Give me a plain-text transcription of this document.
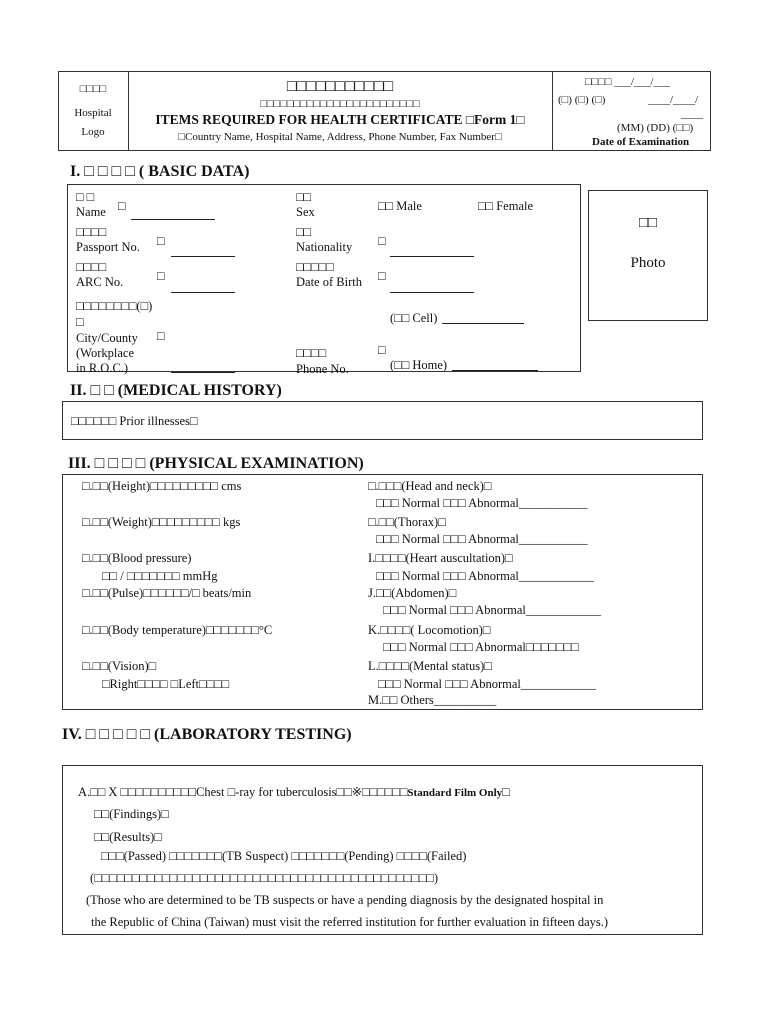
□□□□
Hospital
Logo
□□□□□□□□□□□
□□□□□□□□□□□□□□□□□□□□□□□□
ITEMS REQUIRED FOR HEALTH CERTIFICATE □Form 1□
□Country Name, Hospital Name, Address, Phone Number, Fax Number□
□□□□ ___/___/___
(□) (□) (□)	____/____/
____
(MM) (DD) (□□)
Date of Examination
I. □ □ □ □ ( BASIC DATA)
□ □
Name □
□□
Sex	□□ Male	□□ Female
□□□□
Passport No. □
□□
Nationality □
□□□□
ARC No.	□
□□□□□
Date of Birth □
□□□□□□□□(□)
□
City/County □
(Workplace
in R.O.C.)
(□□ Cell)
□□□□
Phone No.
□
(□□ Home)
□□
Photo
II. □ □ (MEDICAL HISTORY)
□□□□□□ Prior illnesses□
III. □ □ □ □ (PHYSICAL EXAMINATION)
□.□□(Height)□□□□□□□□□ cms
□.□□(Weight)□□□□□□□□□ kgs
□.□□(Blood pressure)
□□ / □□□□□□□ mmHg
□.□□(Pulse)□□□□□□/□ beats/min
□.□□(Body temperature)□□□□□□□°C
□.□□(Vision)□
□Right□□□□ □Left□□□□
□.□□□(Head and neck)□
□□□ Normal □□□ Abnormal___________
□.□□(Thorax)□
□□□ Normal □□□ Abnormal___________
I.□□□□(Heart auscultation)□
□□□ Normal □□□ Abnormal____________
J.□□(Abdomen)□
□□□ Normal □□□ Abnormal____________
K.□□□□( Locomotion)□
□□□ Normal □□□ Abnormal□□□□□□□
L.□□□□(Mental status)□
□□□ Normal □□□ Abnormal____________
M.□□ Others__________
IV. □ □ □ □ □ (LABORATORY TESTING)
A.□□ X □□□□□□□□□□Chest □-ray for tuberculosis□□※□□□□□□Standard Film Only□
□□(Findings)□
□□(Results)□
□□□(Passed) □□□□□□□(TB Suspect) □□□□□□□(Pending) □□□□(Failed)
(□□□□□□□□□□□□□□□□□□□□□□□□□□□□□□□□□□□□□□□□□□□□□)
(Those who are determined to be TB suspects or have a pending diagnosis by the designated hospital in
the Republic of China (Taiwan) must visit the referred institution for further evaluation in fifteen days.)
